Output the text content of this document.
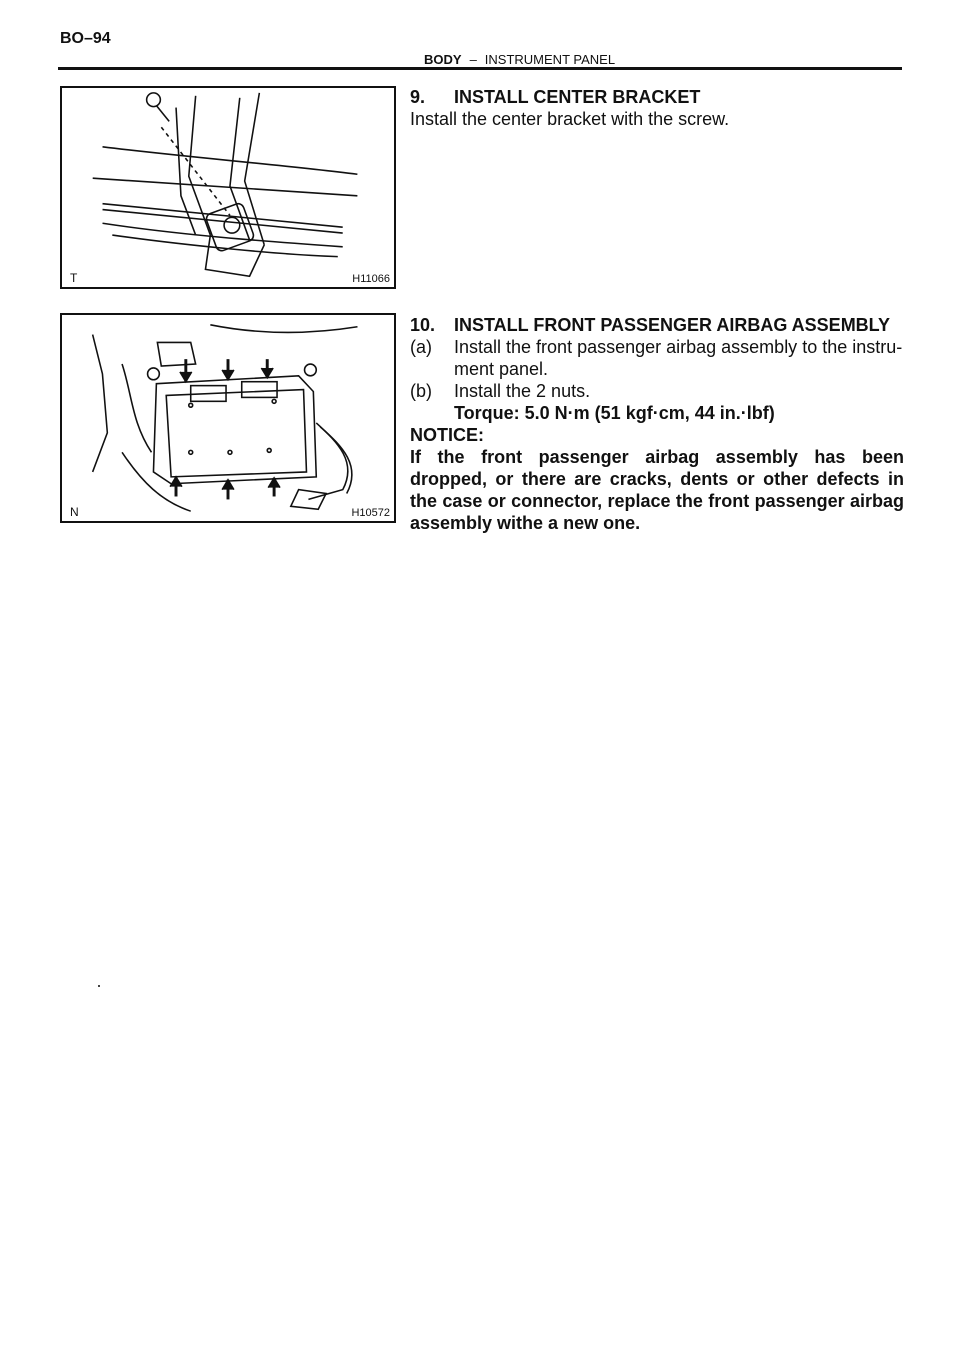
BO–94
BODY – INSTRUMENT PANEL
T	H11066
N	H10572
9.	INSTALL CENTER BRACKET
Install the center bracket with the screw.
10.	INSTALL FRONT PASSENGER AIRBAG ASSEMBLY
(a)	Install the front passenger airbag assembly to the instru-ment panel.
(b)	Install the 2 nuts.
Torque: 5.0 N·m (51 kgf·cm, 44 in.·lbf)
NOTICE:
If the front passenger airbag assembly has been dropped, or there are cracks, dents or other defects in the case or connector, replace the front passenger airbag assembly withe a new one.
